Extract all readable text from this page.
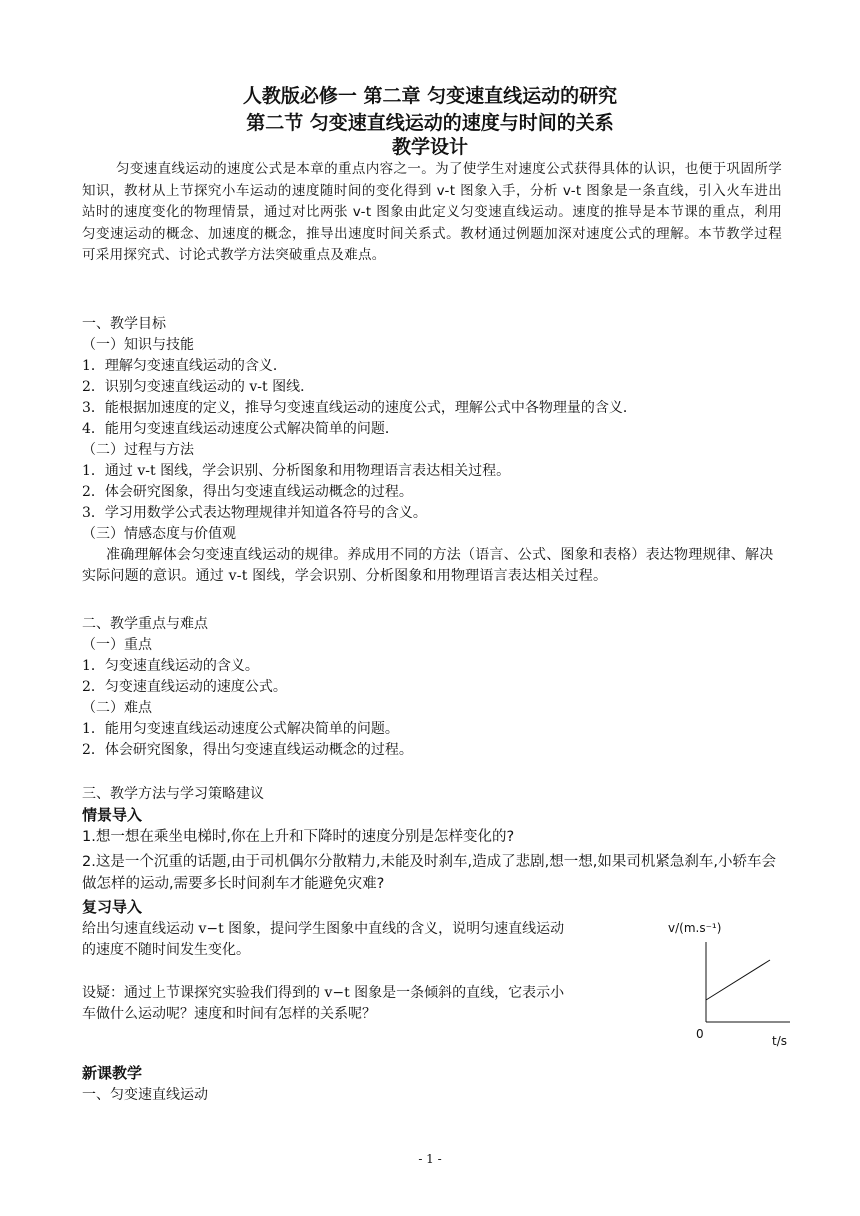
人教版必修一 第二章 匀变速直线运动的研究
第二节 匀变速直线运动的速度与时间的关系
教学设计

匀变速直线运动的速度公式是本章的重点内容之一。为了使学生对速度公式获得具体的认识，也便于巩固所学知识，教材从上节探究小车运动的速度随时间的变化得到 v-t 图象入手，分析 v-t 图象是一条直线，引入火车进出站时的速度变化的物理情景，通过对比两张 v-t 图象由此定义匀变速直线运动。速度的推导是本节课的重点，利用匀变速运动的概念、加速度的概念，推导出速度时间关系式。教材通过例题加深对速度公式的理解。本节教学过程可采用探究式、讨论式教学方法突破重点及难点。

一、教学目标

（一）知识与技能

1．理解匀变速直线运动的含义．

2．识别匀变速直线运动的 v-t 图线．

3．能根据加速度的定义，推导匀变速直线运动的速度公式，理解公式中各物理量的含义．

4．能用匀变速直线运动速度公式解决简单的问题．

（二）过程与方法

1．通过 v-t 图线，学会识别、分析图象和用物理语言表达相关过程。

2．体会研究图象，得出匀变速直线运动概念的过程。

3．学习用数学公式表达物理规律并知道各符号的含义。

（三）情感态度与价值观

准确理解体会匀变速直线运动的规律。养成用不同的方法（语言、公式、图象和表格）表达物理规律、解决实际问题的意识。通过 v-t 图线，学会识别、分析图象和用物理语言表达相关过程。

二、教学重点与难点

（一）重点

1．匀变速直线运动的含义。

2．匀变速直线运动的速度公式。

（二）难点

1．能用匀变速直线运动速度公式解决简单的问题。

2．体会研究图象，得出匀变速直线运动概念的过程。

三、教学方法与学习策略建议

情景导入

1.想一想在乘坐电梯时,你在上升和下降时的速度分别是怎样变化的?

2.这是一个沉重的话题,由于司机偶尔分散精力,未能及时刹车,造成了悲剧,想一想,如果司机紧急刹车,小轿车会做怎样的运动,需要多长时间刹车才能避免灾难?

复习导入

给出匀速直线运动 v−t 图象，提问学生图象中直线的含义，说明匀速直线运动

的速度不随时间发生变化。

设疑：通过上节课探究实验我们得到的 v−t 图象是一条倾斜的直线，它表示小

车做什么运动呢？速度和时间有怎样的关系呢？

新课教学

一、匀变速直线运动

v/(m.s⁻¹)
0	t/s
- 1 -
